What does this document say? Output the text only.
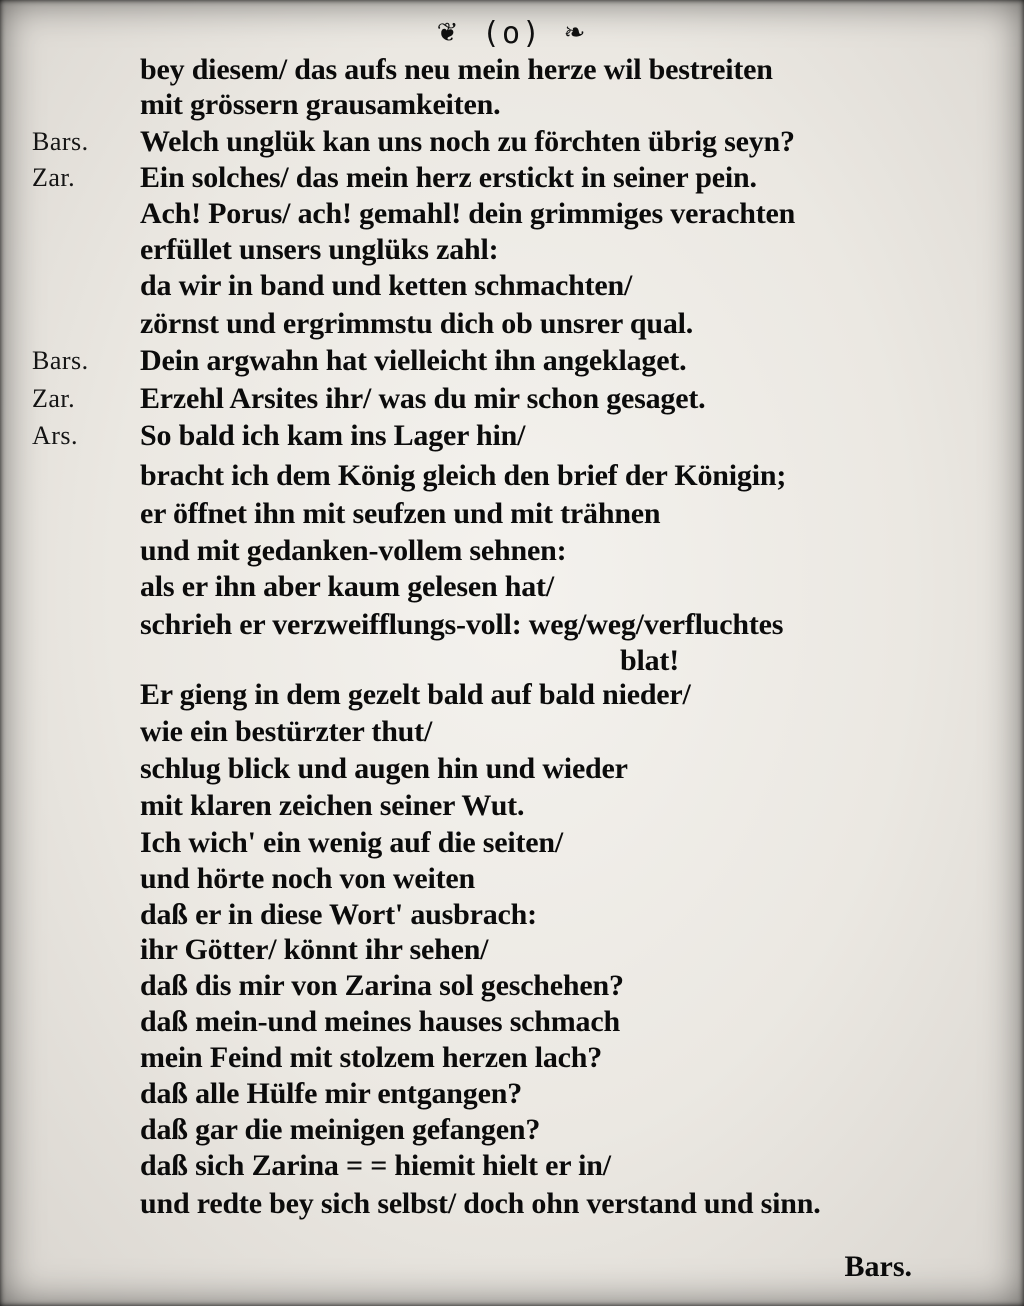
❦ (o) ❧
bey diesem/ das aufs neu mein herze wil bestreiten
mit grössern grausamkeiten.
Bars.	Welch unglük kan uns noch zu förchten übrig seyn?
Zar.	Ein solches/ das mein herz erstickt in seiner pein.
Ach! Porus/ ach! gemahl! dein grimmiges verachten
erfüllet unsers unglüks zahl:
da wir in band und ketten schmachten/
zörnst und ergrimmstu dich ob unsrer qual.
Bars.	Dein argwahn hat vielleicht ihn angeklaget.
Zar.	Erzehl Arsites ihr/ was du mir schon gesaget.
Ars.	So bald ich kam ins Lager hin/
bracht ich dem König gleich den brief der Königin;
er öffnet ihn mit seufzen und mit trähnen
und mit gedanken-vollem sehnen:
als er ihn aber kaum gelesen hat/
schrieh er verzweifflungs-voll: weg/weg/verfluchtes
blat!
Er gieng in dem gezelt bald auf bald nieder/
wie ein bestürzter thut/
schlug blick und augen hin und wieder
mit klaren zeichen seiner Wut.
Ich wich' ein wenig auf die seiten/
und hörte noch von weiten
daß er in diese Wort' ausbrach:
ihr Götter/ könnt ihr sehen/
daß dis mir von Zarina sol geschehen?
daß mein-und meines hauses schmach
mein Feind mit stolzem herzen lach?
daß alle Hülfe mir entgangen?
daß gar die meinigen gefangen?
daß sich Zarina = = hiemit hielt er in/
und redte bey sich selbst/ doch ohn verstand und sinn.
Bars.
